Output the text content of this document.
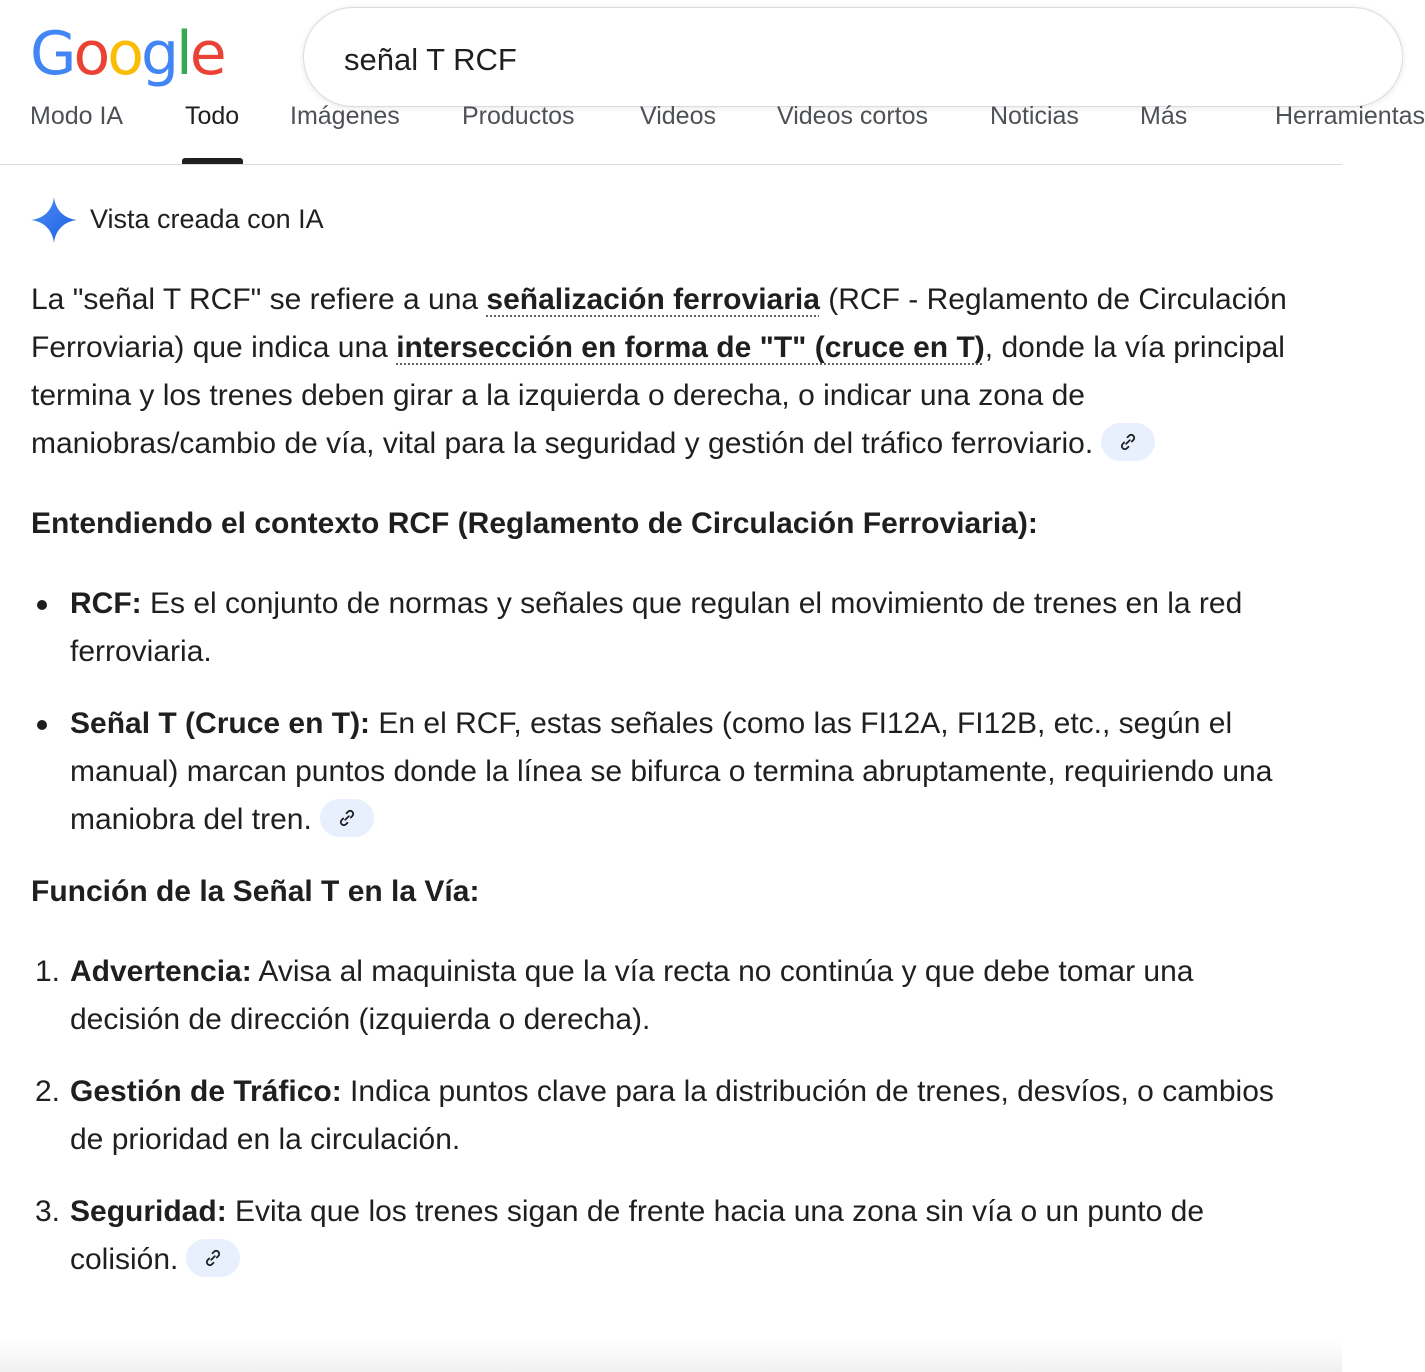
Google	señal T RCF
Modo IA Todo Imágenes Productos	Videos Videos cortos Noticias Más	Herramientas
Vista creada con IA

La "señal T RCF" se refiere a una señalización ferroviaria (RCF - Reglamento de Circulación Ferroviaria) que indica una intersección en forma de "T" (cruce en T), donde la vía principal termina y los trenes deben girar a la izquierda o derecha, o indicar una zona de maniobras/cambio de vía, vital para la seguridad y gestión del tráfico ferroviario.

Entendiendo el contexto RCF (Reglamento de Circulación Ferroviaria):

RCF: Es el conjunto de normas y señales que regulan el movimiento de trenes en la red ferroviaria.
Señal T (Cruce en T): En el RCF, estas señales (como las FI12A, FI12B, etc., según el manual) marcan puntos donde la línea se bifurca o termina abruptamente, requiriendo una maniobra del tren.

Función de la Señal T en la Vía:

1. Advertencia: Avisa al maquinista que la vía recta no continúa y que debe tomar una decisión de dirección (izquierda o derecha).
2. Gestión de Tráfico: Indica puntos clave para la distribución de trenes, desvíos, o cambios de prioridad en la circulación.
3. Seguridad: Evita que los trenes sigan de frente hacia una zona sin vía o un punto de colisión.
